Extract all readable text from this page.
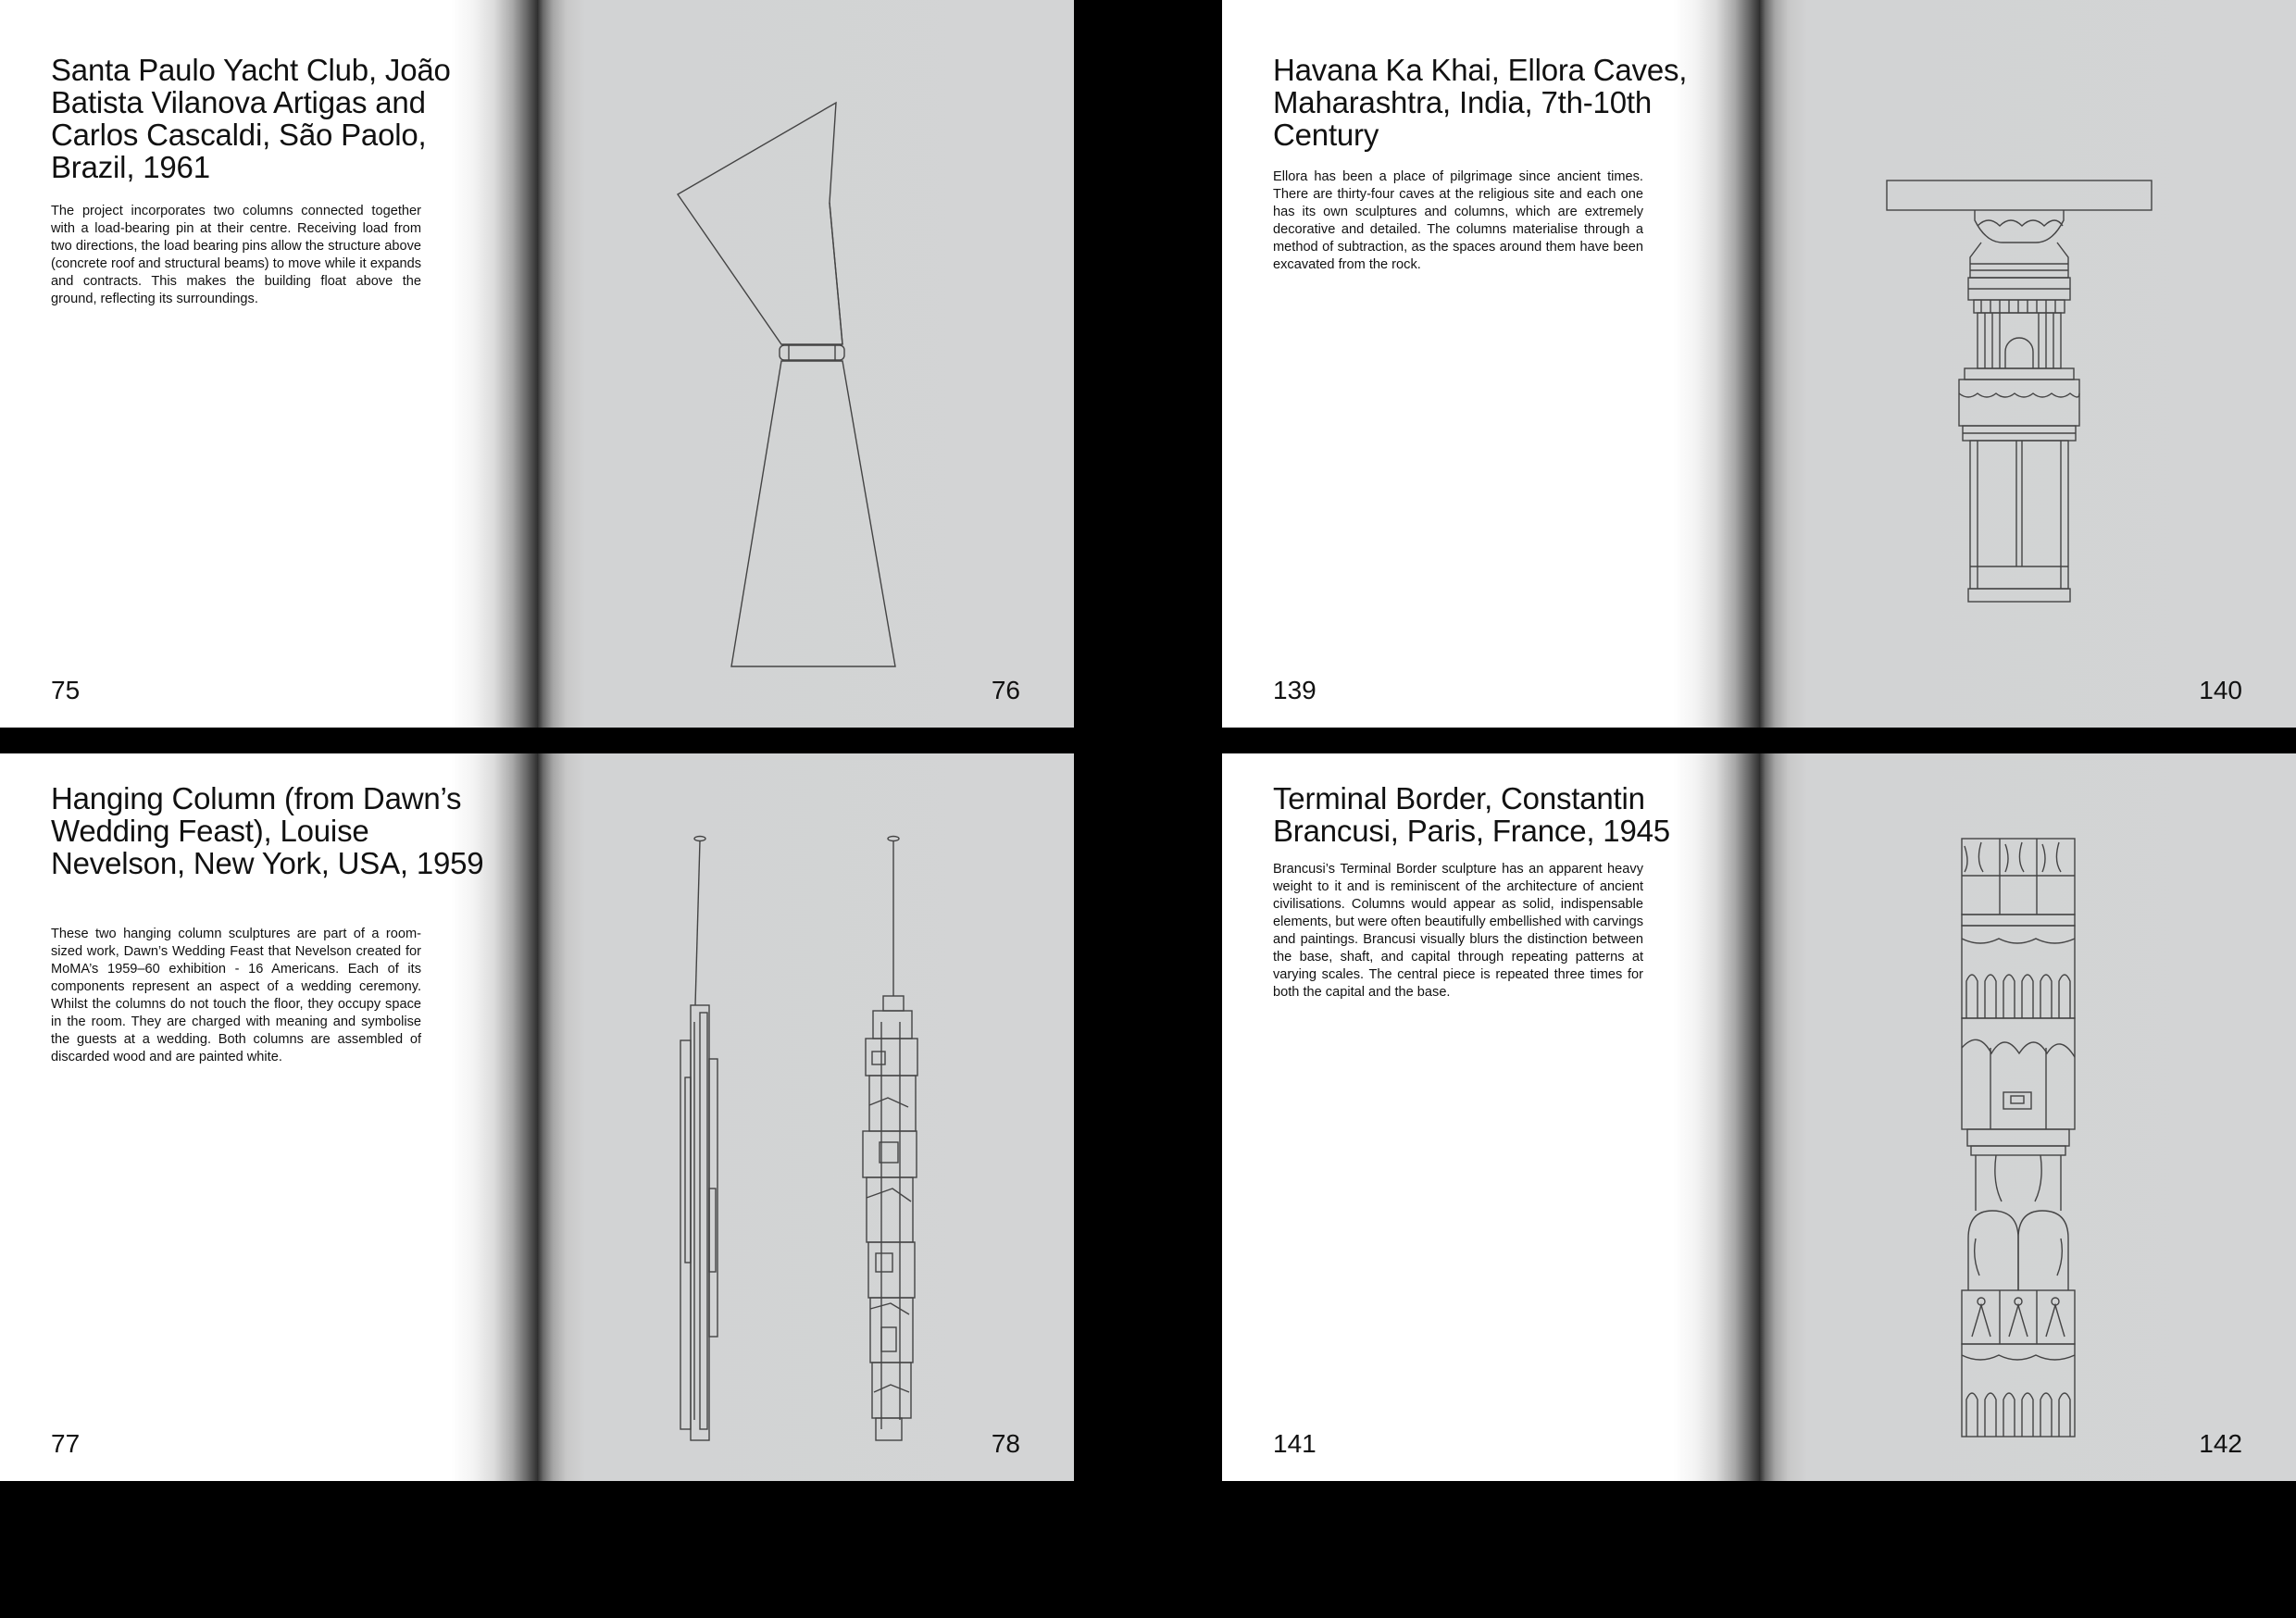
Santa Paulo Yacht Club, João Batista Vilanova Artigas and Carlos Cascaldi, São Paolo, Brazil, 1961

The project incorporates two columns connected together with a load-bearing pin at their centre. Receiving load from two directions, the load bearing pins allow the structure above (concrete roof and structural beams) to move while it expands and contracts. This makes the building float above the ground, reflecting its surroundings.

75	76
Havana Ka Khai, Ellora Caves, Maharashtra, India, 7th-10th Century

Ellora has been a place of pilgrimage since ancient times. There are thirty-four caves at the religious site and each one has its own sculptures and columns, which are extremely decorative and detailed. The columns materialise through a method of subtraction, as the spaces around them have been excavated from the rock.

139	140
Hanging Column (from Dawn’s Wedding Feast), Louise Nevelson, New York, USA, 1959

These two hanging column sculptures are part of a room-sized work, Dawn’s Wedding Feast that Nevelson created for MoMA’s 1959–60 exhibition - 16 Americans. Each of its components represent an aspect of a wedding ceremony. Whilst the columns do not touch the floor, they occupy space in the room. They are charged with meaning and symbolise the guests at a wedding. Both columns are assembled of discarded wood and are painted white.

77	78
Terminal Border, Constantin Brancusi, Paris, France, 1945

Brancusi’s Terminal Border sculpture has an apparent heavy weight to it and is reminiscent of the architecture of ancient civilisations. Columns would appear as solid, indispensable elements, but were often beautifully embellished with carvings and paintings. Brancusi visually blurs the distinction between the base, shaft, and capital through repeating patterns at varying scales. The central piece is repeated three times for both the capital and the base.

141	142
